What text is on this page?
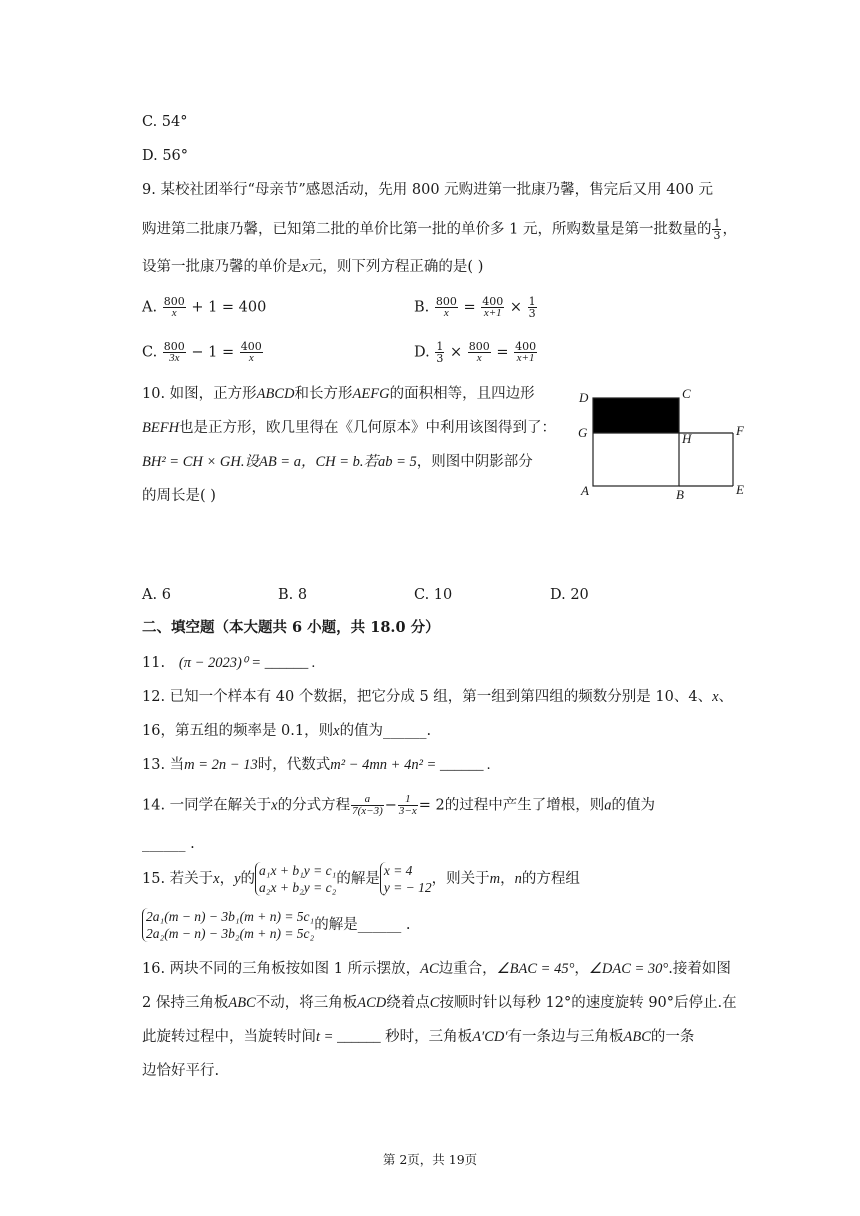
C. 54°
D. 56°
9. 某校社团举行“母亲节”感恩活动，先用 800 元购进第一批康乃馨，售完后又用 400 元
购进第二批康乃馨，已知第二批的单价比第一批的单价多 1 元，所购数量是第一批数量的 $\frac{1}{3}$ ，
设第一批康乃馨的单价是x元，则下列方程正确的是( )
A. $\frac{800}{x} + 1 = 400$	B. $\frac{800}{x} = \frac{400}{x+1} \times \frac{1}{3}$
C. $\frac{800}{3x} - 1 = \frac{400}{x}$	D. $\frac{1}{3} \times \frac{800}{x} = \frac{400}{x+1}$
10. 如图，正方形ABCD和长方形AEFG的面积相等，且四边形
BEFH也是正方形，欧几里得在《几何原本》中利用该图得到了：
BH² = CH × GH.设AB = a，CH = b.若ab = 5，则图中阴影部分
的周长是( )
D	C
G	H
F
A	B	E
A. 6	B. 8	C. 10	D. 20
二、填空题（本大题共 6 小题，共 18.0 分）
11. (π − 2023)⁰ = ______ .
12. 已知一个样本有 40 个数据，把它分成 5 组，第一组到第四组的频数分别是 10、4、x、
16，第五组的频率是 0.1，则x的值为______.
13. 当m = 2n − 13时，代数式m² − 4mn + 4n² = ______ .
14. 一同学在解关于x的分式方程 $\frac{a}{7(x-3)} - \frac{1}{3-x} = 2$的过程中产生了增根，则a的值为
______ .
15. 若关于x，y的
a₁x + b₁y = c₁
a₂x + b₂y = c₂
的解是
x = 4
y = − 12
，则关于m，n的方程组
2a₁(m − n) − 3b₁(m + n) = 5c₁
2a₂(m − n) − 3b₂(m + n) = 5c₂
的解是______ .
16. 两块不同的三角板按如图 1 所示摆放，AC边重合，∠BAC = 45°，∠DAC = 30°.接着如图
2 保持三角板ABC不动，将三角板ACD绕着点C按顺时针以每秒 12°的速度旋转 90°后停止.在
此旋转过程中，当旋转时间t = ______ 秒时，三角板A′CD′有一条边与三角板ABC的一条
边恰好平行.
第 2页，共 19页
